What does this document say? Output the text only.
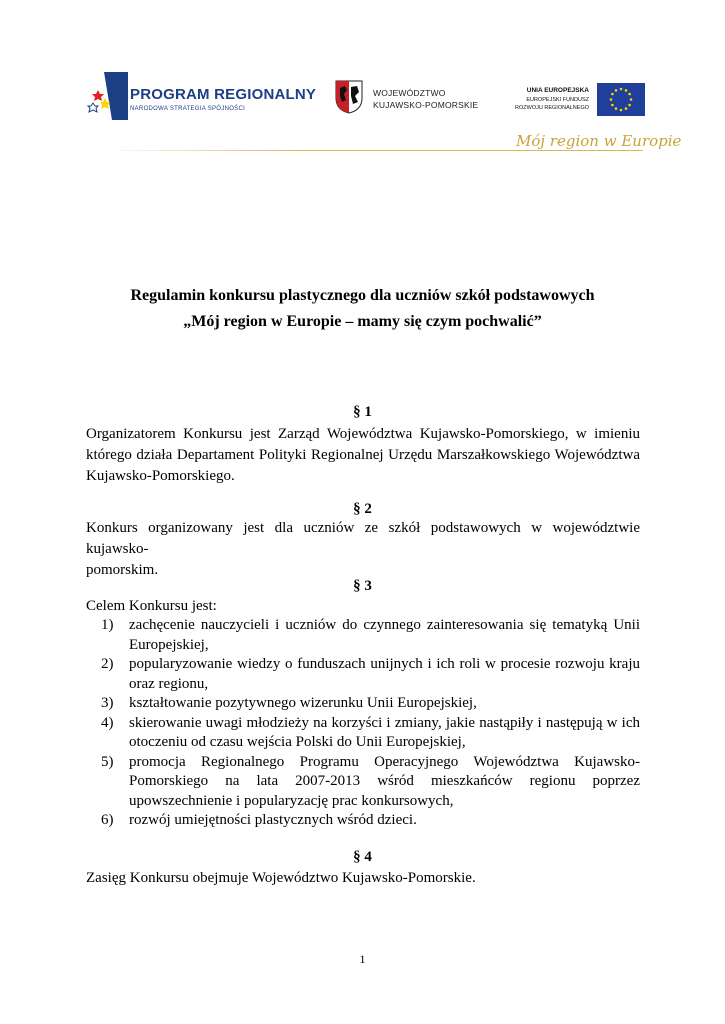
PROGRAM REGIONALNY
NARODOWA STRATEGIA SPÓJNOŚCI
WOJEWÓDZTWO
KUJAWSKO-POMORSKIE
UNIA EUROPEJSKA
EUROPEJSKI FUNDUSZ
ROZWOJU REGIONALNEGO
Mój region w Europie
Regulamin konkursu plastycznego dla uczniów szkół podstawowych
„Mój region w Europie – mamy się czym pochwalić”
§ 1
Organizatorem Konkursu jest Zarząd Województwa Kujawsko-Pomorskiego, w imieniu
którego działa Departament Polityki Regionalnej Urzędu Marszałkowskiego Województwa
Kujawsko-Pomorskiego.
§ 2
Konkurs organizowany jest dla uczniów ze szkół podstawowych w województwie kujawsko-
pomorskim.
§ 3
Celem Konkursu jest:
1) zachęcenie nauczycieli i uczniów do czynnego zainteresowania się tematyką Unii
Europejskiej,
2) popularyzowanie wiedzy o funduszach unijnych i ich roli w procesie rozwoju kraju
oraz regionu,
3) kształtowanie pozytywnego wizerunku Unii Europejskiej,
4) skierowanie uwagi młodzieży na korzyści i zmiany, jakie nastąpiły i następują w ich
otoczeniu od czasu wejścia Polski do Unii Europejskiej,
5) promocja Regionalnego Programu Operacyjnego Województwa Kujawsko-
Pomorskiego na lata 2007-2013 wśród mieszkańców regionu poprzez
upowszechnienie i popularyzację prac konkursowych,
6) rozwój umiejętności plastycznych wśród dzieci.
§ 4
Zasięg Konkursu obejmuje Województwo Kujawsko-Pomorskie.
1
